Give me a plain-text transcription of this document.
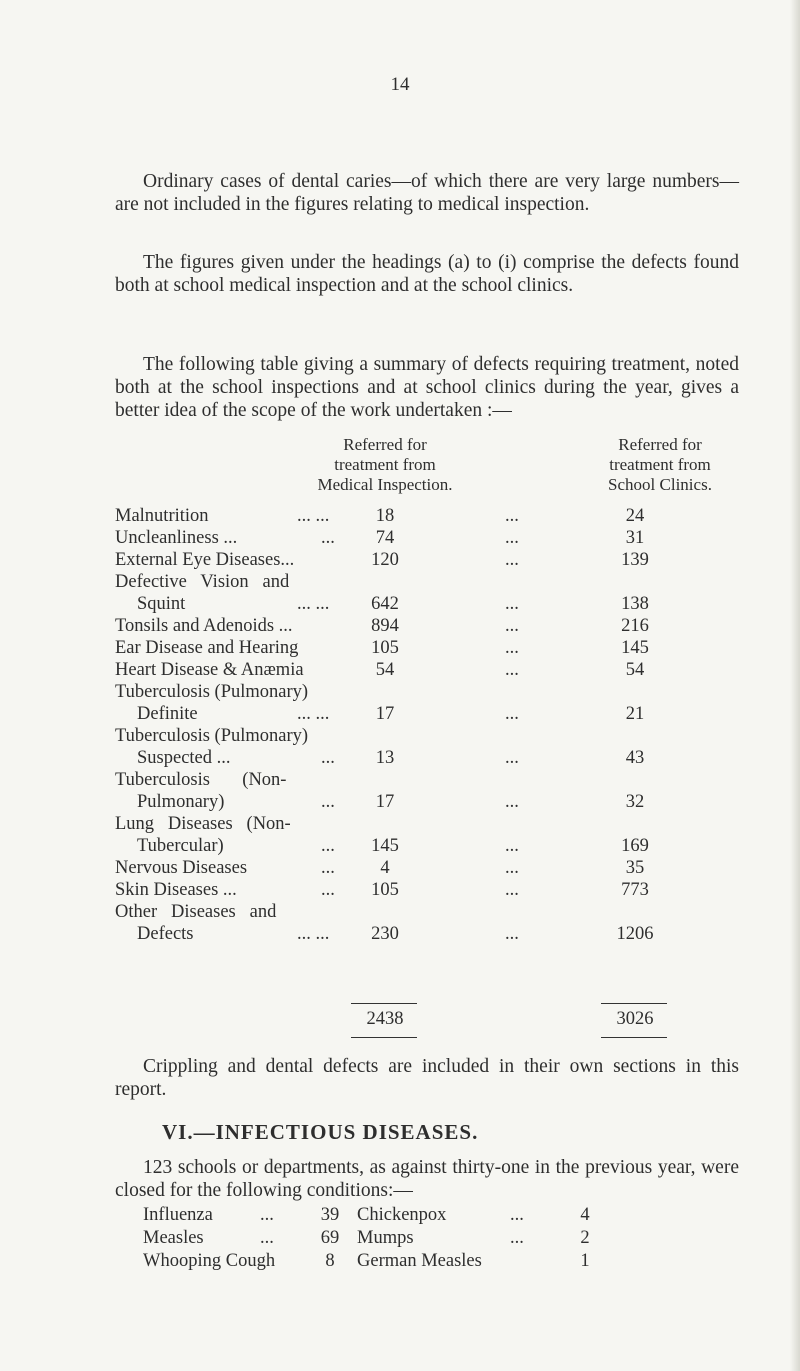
14

Ordinary cases of dental caries—of which there are very large numbers—are not included in the figures relating to medical inspection.

The figures given under the headings (a) to (i) comprise the defects found both at school medical inspection and at the school clinics.

The following table giving a summary of defects requiring treatment, noted both at the school inspections and at school clinics during the year, gives a better idea of the scope of the work undertaken :—

Referred for
treatment from
Medical Inspection.
Referred for
treatment from
School Clinics.
Malnutrition	... ...	18	...	24
Uncleanliness ...	...	74	...	31
External Eye Diseases...	120	...	139
Defective   Vision   and
Squint	... ...	642	...	138
Tonsils and Adenoids ...	894	...	216
Ear Disease and Hearing	105	...	145
Heart Disease & Anæmia	54	...	54
Tuberculosis (Pulmonary)
Definite	... ...	17	...	21
Tuberculosis (Pulmonary)
Suspected ...	...	13	...	43
Tuberculosis       (Non-
Pulmonary)	...	17	...	32
Lung   Diseases   (Non-
Tubercular)	...	145	...	169
Nervous Diseases	...	4	...	35
Skin Diseases ...	...	105	...	773
Other   Diseases   and
Defects	... ...	230	...	1206
2438	3026

Crippling and dental defects are included in their own sections in this report.

VI.—INFECTIOUS DISEASES.

123 schools or departments, as against thirty-one in the previous year, were closed for the following conditions:—

Influenza	...	39 Chickenpox	...	4
Measles	...	69 Mumps	...	2
Whooping Cough	8	German Measles	1
